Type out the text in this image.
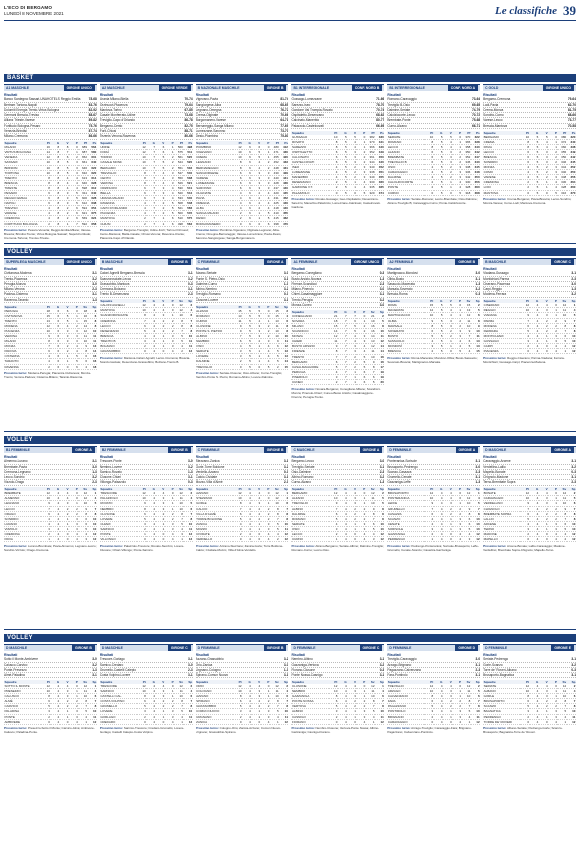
L'ECO DI BERGAMO
LUNEDÌ 8 NOVEMBRE 2021	Le classifiche 39
BASKET
A1 MASCHILE	GIRONE UNICO
Risultati
Banco Sardegna Sassari-UNAHOTELS Reggio Emilia	78-68
Bertram Tortona-Napoli	83-76
Dolomiti Energia Trento-Virtus Bologna	82-92
Germani Brescia-Treviso	88-67
Allianz Trieste-Varese	89-82
Fortitudo Bologna-Pesaro	75-76
Venezia-Brindisi	87-74
Milano-Cremona	86-66
Squadre	Pt	G	V	P	Pf	Ps
MILANO	16	8	8	0	689	564
VIRTUS BOLOGNA	14	8	7	1	687	580
VENEZIA	12	8	6	2	652	601
SASSARI	10	8	5	3	661	640
BRINDISI	10	8	5	3	646	622
TORTONA	10	8	5	3	632	620
TRENTO	8	8	4	4	613	614
BRESCIA	8	8	4	4	640	628
TRIESTE	8	8	4	4	598	612
PESARO	6	8	3	5	611	640
REGGIO EMILIA	6	8	3	5	600	628
NAPOLI	6	8	3	5	612	638
TREVISO	4	8	2	6	594	654
VARESE	4	8	2	6	621	675
CREMONA	4	8	2	6	569	624
FORTITUDO BOLOGNA	2	8	1	7	592	658
Prossimo turno: Pesaro-Venezia; Reggio Emilia-Milano; Varese-Brescia; Brindisi-Trento; Virtus Bologna-Sassari; Napoli-Fortitudo; Cremona-Tortona; Treviso-Trieste.
A2 MASCHILE	GIRONE VERDE
Risultati
Urania Milano-Biella	70-74
Orzinuovi-Piacenza	79-64
Mantova-Torino	67-85
Casale Monferrato-Udine	73-68
Treviglio-Capo d'Orlando	86-78
Bergamo-Cento	82-75
Forlì-Chiusi	88-71
Tezenis Verona-Ravenna	80-66
Squadre	Pt	G	V	P	Pf	Ps
UDINE	12	7	6	1	560	498
FORLÌ	12	7	6	1	575	511
TORINO	10	7	5	2	561	520
CASALE MONF.	10	7	5	2	544	520
BERGAMO	10	7	5	2	551	532
TREVIGLIO	8	7	4	3	547	540
CENTO	8	7	4	3	550	538
VERONA	8	7	4	3	529	521
ORZINUOVI	6	7	3	4	530	541
BIELLA	6	7	3	4	520	544
URANIA MILANO	6	7	3	4	533	540
RAVENNA	4	7	2	5	508	548
CAPO D'ORLANDO	4	7	2	5	521	566
PIACENZA	4	7	2	5	500	545
MANTOVA	2	7	1	6	510	575
CHIUSI	2	7	1	6	498	562
Prossimo turno: Bergamo-Treviglio; Udine-Forlì; Torino-Orzinuovi; Cento-Mantova; Biella-Casale; Chiusi-Verona; Ravenna-Urania; Piacenza-Capo d'Orlando.
B NAZIONALE MASCHILE	GIRONE B
Risultati
Vigevano-Pavia	81-74
Sangiorgese-Alba	68-65
Legnano-Omegna	76-72
Crema-Olginate	70-66
Borgomanero-Varese	64-71
Bernareggio-Sanga Milano	77-69
Lumezzane-Saronno	73-70
Desio-Piombino	75-80
Squadre	Pt	G	V	P	Pf	Ps
PIOMBINO	12	6	6	0	480	412
VIGEVANO	10	6	5	1	471	430
CREMA	10	6	5	1	455	420
LEGNANO	8	6	4	2	452	433
BERNAREGGIO	8	6	4	2	448	431
SANGIORGESE	6	6	3	3	430	429
VARESE	6	6	3	3	440	441
LUMEZZANE	6	6	3	3	428	436
SARONNO	6	6	3	3	437	440
OLGINATE	4	6	2	4	420	445
PAVIA	4	6	2	4	431	452
OMEGNA	4	6	2	4	425	446
ALBA	4	6	2	4	418	440
SANGA MILANO	2	6	1	5	410	455
DESIO	2	6	1	5	415	462
BORGOMANERO	0	6	0	6	398	470
Prossimo turno: Piombino-Vigevano; Olginate-Legnano; Alba-Crema; Omegna-Bernareggio; Varese-Lumezzane; Pavia-Desio; Saronno-Sangiorgese; Sanga-Borgomanero.
B1 INTERREGIONALE	CONF. NORD B
Risultati
Gussago-Lumezzane	71-66
Sarezzo-Iseo	78-70
Gardone Val Trompia-Rovato	70-74
Ospitaletto-Desenzano	68-62
Calcinato-Manerbio	80-77
Palazzolo-Castelcovati	66-69
Squadre	Pt	G	V	P	Pf	Ps
GUSSAGO	10	5	5	0	382	330
ROVATO	8	5	4	1	370	341
SAREZZO	8	5	4	1	366	340
OSPITALETTO	6	5	3	2	352	349
CALCINATO	6	5	3	2	361	350
CASTELCOVATI	6	5	3	2	344	340
ISEO	4	5	2	3	340	352
LUMEZZANE	4	5	2	3	338	351
MANERBIO	4	5	2	3	349	355
DESENZANO	2	5	1	4	330	360
GARDONE V.T.	2	5	1	4	335	365
PALAZZOLO	0	5	0	5	320	374
Prossimo turno: Rovato-Gussago; Iseo-Ospitaletto; Desenzano-Sarezzo; Manerbio-Palazzolo; Lumezzane-Calcinato; Castelcovati-Gardone.
B1 INTERREGIONALE	CONF. NORD A
Risultati
Romano-Caravaggio	73-64
Treviglio B-Osio	69-65
Dalmine-Seriate	74-79
Calolziocorte-Lecco	70-72
Brembate-Ponte	75-68
Curno-Alzano	66-71
Squadre	Pt	G	V	P	Pf	Ps
SERIATE	10	5	5	0	370	322
ROMANO	8	5	4	1	365	338
LECCO	8	5	4	1	358	340
ALZANO	6	5	3	2	350	342
BREMBATE	6	5	3	2	352	347
TREVIGLIO B	6	5	3	2	345	340
OSIO	4	5	2	3	338	345
CARAVAGGIO	4	5	2	3	336	348
DALMINE	4	5	2	3	342	350
CALOLZIOCORTE	2	5	1	4	330	356
PONTE	2	5	1	4	328	360
CURNO	0	5	0	5	318	368
Prossimo turno: Seriate-Romano; Lecco-Brembate; Osio-Dalmine; Alzano-Treviglio B; Caravaggio-Curno; Ponte-Calolziocorte.
C GOLD	GIRONE UNICO
Risultati
Bergamo-Cremona	79-64
Lodi-Pavia	62-70
Crema-Monza	81-75
Sondrio-Como	68-66
Varese-Lecco	73-77
Brescia-Mantova	70-58
Squadre	Pt	G	V	P	Pf	Ps
BERGAMO	10	5	5	0	380	320
CREMA	8	5	4	1	372	340
PAVIA	8	5	4	1	360	338
LECCO	6	5	3	2	355	349
BRESCIA	6	5	3	2	350	342
SONDRIO	6	5	3	2	346	345
MONZA	4	5	2	3	344	352
COMO	4	5	2	3	340	350
VARESE	4	5	2	3	348	356
CREMONA	2	5	1	4	330	364
LODI	2	5	1	4	328	360
MANTOVA	0	5	0	5	316	370
Prossimo turno: Crema-Bergamo; Pavia-Brescia; Lecco-Sondrio; Monza-Varese; Como-Lodi; Mantova-Cremona.
VOLLEY
SUPERLEGA MASCHILE	GIRONE UNICO
Risultati
Civitanova-Modena	3-1
Trento-Piacenza	3-2
Perugia-Monza	3-0
Milano-Verona	2-3
Padova-Cisterna	3-1
Ravenna-Taranto	1-3
Squadre	Pt	G	V	P	Sv	Sp
PERUGIA	18	6	6	0	18	3
CIVITANOVA	15	6	5	1	16	6
TRENTO	13	6	5	1	15	8
MODENA	12	6	4	2	14	8
PIACENZA	10	6	3	3	12	10
VERONA	9	6	3	3	11	11
MILANO	8	6	3	3	10	11
MONZA	7	6	2	4	9	13
PADOVA	6	6	2	4	8	14
CISTERNA	4	6	1	5	6	16
TARANTO	4	6	1	5	6	16
RAVENNA	2	6	0	6	4	18
Prossimo turno: Modena-Perugia; Piacenza-Civitanova; Monza-Trento; Verona-Padova; Cisterna-Milano; Taranto-Ravenna.
B MASCHILE	GIRONE B
Risultati
Caloni Agnelli Bergamo-Brescia	3-1
Scanzorosciate-Lecco	3-2
Grassobbio-Mantova	0-3
Cremona-Bolzano	3-1
Trento B-Desenzano	2-3
Squadre	Pt	G	V	P	Sv	Sp
CALONI AGNELLI	12	4	4	0	12	2
MANTOVA	10	4	4	0	12	4
SCANZOROSCIATE	8	4	3	1	10	6
CREMONA	7	4	2	2	8	7
LECCO	6	4	2	2	8	8
DESENZANO	5	4	2	2	7	8
BRESCIA	4	4	1	3	5	10
TRENTO B	3	4	1	3	5	11
BOLZANO	2	4	1	3	4	11
GRASSOBBIO	0	4	0	4	2	12
Prossimo turno: Mantova-Caloni Agnelli; Lecco-Cremona; Brescia-Scanzorosciate; Desenzano-Grassobbio; Bolzano-Trento B.
C FEMMINILE	GIRONE A
Risultati
Alzano-Seriate	3-0
Ponte S. Pietro-Osio	3-1
Dalmine-Curno	1-3
Albino-Nembro	3-2
Treviglio-Romano	0-3
Clusone-Lovere	3-1
Squadre	Pt	G	V	P	Sv	Sp
ALZANO	15	5	5	0	15	2
ROMANO	13	5	5	0	15	4
CURNO	11	5	4	1	13	6
CLUSONE	9	5	3	2	11	8
PONTE S. PIETRO	9	5	3	2	10	8
ALBINO	7	5	3	2	10	10
NEMBRO	6	5	2	3	9	11
OSIO	4	5	1	4	6	12
SERIATE	3	5	1	4	5	13
LOVERE	3	5	1	4	5	13
DALMINE	2	5	1	4	5	14
TREVIGLIO	0	5	0	5	2	15
Prossimo turno: Seriate-Clusone; Osio-Alzano; Curno-Treviglio; Nembro-Ponte S. Pietro; Romano-Albino; Lovere-Dalmine.
A1 FEMMINILE	GIRONE UNICO
Risultati
Bergamo-Conegliano	0-3
Busto Arsizio-Novara	1-3
Firenze-Scandicci	2-3
Milano-Pinerolo	3-0
Chieri-Casalmaggiore	3-1
Trento-Perugia	3-2
Monza-Cuneo	3-0
Squadre	Pt	G	V	P	Sv	Sp
CONEGLIANO	21	7	7	0	21	2
NOVARA	18	7	6	1	19	5
MILANO	15	7	5	2	16	8
SCANDICCI	14	7	5	2	16	10
MONZA	12	7	4	3	14	11
CHIERI	11	7	4	3	13	12
BUSTO ARSIZIO	9	7	3	4	12	14
FIRENZE	8	7	3	4	11	14
TRENTO	7	7	2	5	10	16
BERGAMO	6	7	2	5	9	16
CASALMAGGIORE	5	7	2	5	8	17
PERUGIA	4	7	1	6	7	19
PINEROLO	3	7	1	6	6	19
CUNEO	2	7	1	6	5	20
Prossimo turno: Novara-Bergamo; Conegliano-Milano; Scandicci-Monza; Pinerolo-Chieri; Cuneo-Busto Arsizio; Casalmaggiore-Firenze; Perugia-Trento.
A2 FEMMINILE	GIRONE B
Risultati
Martignacco-Mondovì	3-0
Olbia-Busto	3-1
Sassuolo-Macerata	1-3
Marsala-Soverato	3-2
Brescia-Roma	0-3
Squadre	Pt	G	V	P	Sv	Sp
ROMA	15	5	5	0	15	2
MACERATA	12	5	4	1	13	5
MARTIGNACCO	10	5	4	1	12	6
OLBIA	9	5	3	2	11	8
MARSALA	8	5	3	2	10	9
SOVERATO	6	5	2	3	9	10
BUSTO	5	5	2	3	7	11
SASSUOLO	4	5	1	4	6	13
MONDOVÌ	3	5	1	4	5	13
BRESCIA	2	5	0	5	4	15
Prossimo turno: Roma-Macerata; Mondovì-Olbia; Busto-Sassuolo; Soverato-Brescia; Martignacco-Marsala.
B MASCHILE	GIRONE C
Risultati
Viadana-Gussago	3-1
Montichiari-Parma	2-3
Ciserano-Piacenza	3-0
Carpi-Reggio	1-3
Modena-Ferrara	3-2
Squadre	Pt	G	V	P	Sv	Sp
CISERANO	12	4	4	0	12	1
REGGIO	10	4	3	1	11	4
VIADANA	9	4	3	1	10	5
PARMA	7	4	2	2	9	7
MODENA	6	4	2	2	8	8
FERRARA	5	4	2	2	7	8
MONTICHIARI	4	4	1	3	6	10
GUSSAGO	3	4	1	3	5	10
CARPI	2	4	0	4	4	12
PIACENZA	0	4	0	4	1	12
Prossimo turno: Reggio-Ciserano; Parma-Viadana; Ferrara-Montichiari; Gussago-Carpi; Piacenza-Modena.
VOLLEY
B1 FEMMINILE	GIRONE A
Risultati
Almenno-Lurano	3-1
Brembate-Pavia	3-0
Cremona-Legnano	1-3
Lecco-Sondrio	3-2
Vizzolo-Orago	2-3
Squadre	Pt	G	V	P	Sv	Sp
BREMBATE	12	4	4	0	12	1
ALMENNO	10	4	4	0	12	4
LEGNANO	9	4	3	1	10	5
LECCO	7	4	2	2	9	7
ORAGO	6	4	2	2	8	8
SONDRIO	4	4	1	3	6	10
LURANO	4	4	1	3	6	10
VIZZOLO	3	4	1	3	5	10
CREMONA	2	4	0	4	4	12
PAVIA	1	4	0	4	3	12
Prossimo turno: Lurano-Brembate; Pavia-Almenno; Legnano-Lecco; Sondrio-Vizzolo; Orago-Cremona.
B2 FEMMINILE	GIRONE B
Risultati
Trescore-Ponte	3-0
Nembro-Lovere	3-2
Sarnico-Rovato	1-3
Clusone-Chiari	3-1
Villongo-Palazzolo	0-3
Squadre	Pt	G	V	P	Sv	Sp
TRESCORE	12	4	4	0	12	2
PALAZZOLO	10	4	3	1	11	4
ROVATO	9	4	3	1	10	5
NEMBRO	8	4	3	1	10	6
CLUSONE	6	4	2	2	8	7
LOVERE	5	4	2	2	7	8
CHIARI	3	4	1	3	5	10
SARNICO	2	4	1	3	4	11
PONTE	1	4	0	4	3	12
VILLONGO	0	4	0	4	1	12
Prossimo turno: Palazzolo-Trescore; Rovato-Nembro; Lovere-Clusone; Chiari-Villongo; Ponte-Sarnico.
C FEMMINILE	GIRONE B
Risultati
Stezzano-Zanica	3-1
Gorle-Torre Boldone	3-2
Verdello-Azzano	0-3
Calcio-Cividate	3-1
Mozzo-Villa d'Almè	2-3
Squadre	Pt	G	V	P	Sv	Sp
AZZANO	12	4	4	0	12	1
STEZZANO	10	4	4	0	12	4
GORLE	8	4	3	1	10	6
CALCIO	7	4	2	2	8	7
VILLA D'ALMÈ	6	4	2	2	8	8
TORRE BOLDONE	5	4	2	2	7	8
ZANICA	4	4	1	3	5	10
MOZZO	3	4	1	3	5	11
CIVIDATE	2	4	0	4	4	12
VERDELLO	0	4	0	4	2	12
Prossimo turno: Azzano-Stezzano; Zanica-Gorle; Torre Boldone-Calcio; Cividate-Mozzo; Villa d'Almè-Verdello.
C MASCHILE	GIRONE A
Risultati
Bergamo-Lecco	3-0
Treviglio-Seriate	3-1
Osio-Dalmine	2-3
Albino-Romano	3-2
Curno-Alzano	1-3
Squadre	Pt	G	V	P	Sv	Sp
BERGAMO	12	4	4	0	12	2
ALZANO	10	4	3	1	11	5
TREVIGLIO	9	4	3	1	10	5
ALBINO	7	4	2	2	9	8
DALMINE	6	4	2	2	8	8
ROMANO	5	4	2	2	7	8
SERIATE	4	4	1	3	6	10
OSIO	3	4	1	3	5	10
LECCO	2	4	0	4	4	12
CURNO	1	4	0	4	3	12
Prossimo turno: Alzano-Bergamo; Seriate-Albino; Dalmine-Treviglio; Romano-Curno; Lecco-Osio.
D FEMMINILE	GIRONE A
Risultati
Ponteranica-Sorisole	3-1
Brusaporto-Pedrengo	3-0
Scanzo-Casazza	2-3
Grumello-Cenate	3-1
Gazzaniga-Leffe	1-3
Squadre	Pt	G	V	P	Sv	Sp
BRUSAPORTO	12	4	4	0	12	1
PONTERANICA	10	4	4	0	12	4
LEFFE	9	4	3	1	10	5
GRUMELLO	7	4	2	2	9	7
CASAZZA	6	4	2	2	8	8
SCANZO	4	4	1	3	6	10
CENATE	4	4	1	3	6	10
SORISOLE	3	4	1	3	5	10
GAZZANIGA	2	4	0	4	4	12
PEDRENGO	1	4	0	4	3	12
Prossimo turno: Pedrengo-Ponteranica; Sorisole-Brusaporto; Leffe-Grumello; Cenate-Scanzo; Casazza-Gazzaniga.
D MASCHILE	GIRONE A
Risultati
Caravaggio-Arcene	3-1
Verdellino-Lallio	3-2
Mapello-Bonate	0-3
Chignolo-Madone	3-1
Terno-Brembate Sopra	2-3
Squadre	Pt	G	V	P	Sv	Sp
BONATE	12	4	4	0	12	2
CARAVAGGIO	10	4	3	1	11	5
VERDELLINO	9	4	3	1	10	6
CHIGNOLO	7	4	2	2	9	7
BREMBATE SOPRA	6	4	2	2	8	8
LALLIO	5	4	2	2	7	8
ARCENE	4	4	1	3	6	10
TERNO	3	4	1	3	5	10
MADONE	2	4	0	4	4	12
MAPELLO	0	4	0	4	2	12
Prossimo turno: Arcene-Bonate; Lallio-Caravaggio; Madone-Verdellino; Brembate Sopra-Chignolo; Mapello-Terno.
VOLLEY
D MASCHILE	GIRONE B
Risultati
Sotto il Monte-Ambivere	3-0
Calusco-Carvico	3-2
Ponte-Presezzo	1-3
Almè-Paladina	3-1
Squadre	Pt	G	V	P	Sv	Sp
SOTTO IL MONTE	12	4	4	0	12	1
PRESEZZO	10	4	3	1	11	4
CALUSCO	8	4	3	1	10	6
ALMÈ	6	4	2	2	8	7
CARVICO	5	4	2	2	7	8
PALADINA	3	4	1	3	5	10
PONTE	2	4	1	3	4	11
AMBIVERE	0	4	0	4	1	12
Prossimo turno: Presezzo-Sotto il Monte; Carvico-Almè; Ambivere-Calusco; Paladina-Ponte.
D MASCHILE	GIRONE C
Risultati
Trescore-Gorlago	3-1
Sarnico-Credaro	3-0
Grumello-Castelli Calepio	2-3
Costa Volpino-Lovere	3-1
Squadre	Pt	G	V	P	Sv	Sp
TRESCORE	12	4	4	0	12	2
SARNICO	10	4	3	1	11	4
CASTELLI CAL.	8	4	3	1	10	6
COSTA VOLPINO	6	4	2	2	8	7
GRUMELLO	5	4	2	2	7	8
LOVERE	3	4	1	3	5	10
GORLAGO	2	4	1	3	4	11
CREDARO	0	4	0	4	1	12
Prossimo turno: Sarnico-Trescore; Credaro-Grumello; Lovere-Gorlago; Castelli Calepio-Costa Volpino.
D FEMMINILE	GIRONE B
Risultati
Azzano-Grassobbio	3-2
Orio-Zanica	3-0
Urgnano-Cologno	1-3
Spirano-Comun Nuovo	3-1
Squadre	Pt	G	V	P	Sv	Sp
ORIO	12	4	4	0	12	2
COLOGNO	10	4	3	1	11	4
AZZANO	8	4	3	1	10	6
SPIRANO	6	4	2	2	8	7
GRASSOBBIO	5	4	2	2	7	8
COMUN NUOVO	3	4	1	3	5	10
URGNANO	2	4	1	3	4	11
ZANICA	0	4	0	4	1	12
Prossimo turno: Cologno-Orio; Zanica-Azzano; Comun Nuovo-Urgnano; Grassobbio-Spirano.
D FEMMINILE	GIRONE C
Risultati
Nembro-Albino	3-1
Gazzaniga-Vertova	3-2
Fiorano-Clusone	0-3
Ponte Nossa-Casnigo	3-1
Squadre	Pt	G	V	P	Sv	Sp
CLUSONE	12	4	4	0	12	1
NEMBRO	10	4	3	1	11	4
GAZZANIGA	8	4	3	1	10	6
PONTE NOSSA	6	4	2	2	8	7
VERTOVA	5	4	2	2	7	8
ALBINO	3	4	1	3	5	10
CASNIGO	2	4	1	3	4	11
FIORANO	0	4	0	4	1	12
Prossimo turno: Nembro-Clusone; Vertova-Ponte Nossa; Albino-Gazzaniga; Casnigo-Fiorano.
D FEMMINILE	GIRONE D
Risultati
Treviglio-Caravaggio	3-0
Arzago-Brignano	3-1
Pagazzano-Calvenzano	2-3
Fara-Pontirolo	3-1
Squadre	Pt	G	V	P	Sv	Sp
TREVIGLIO	12	4	4	0	12	2
ARZAGO	10	4	3	1	11	5
CALVENZANO	8	4	3	1	10	6
FARA	6	4	2	2	8	7
PAGAZZANO	5	4	2	2	7	8
PONTIROLO	3	4	1	3	5	10
BRIGNANO	2	4	1	3	4	11
CARAVAGGIO	0	4	0	4	1	12
Prossimo turno: Arzago-Treviglio; Caravaggio-Fara; Brignano-Pagazzano; Calvenzano-Pontirolo.
D FEMMINILE	GIRONE E
Risultati
Seriate-Pedrengo	3-1
Gorle-Scanzo	3-2
Torre de' Roveri-Albano	0-3
Brusaporto-Bagnatica	3-1
Squadre	Pt	G	V	P	Sv	Sp
SERIATE	12	4	4	0	12	2
ALBANO	10	4	3	1	11	4
GORLE	8	4	3	1	10	6
BRUSAPORTO	6	4	2	2	8	7
SCANZO	5	4	2	2	7	8
BAGNATICA	3	4	1	3	5	10
PEDRENGO	2	4	1	3	4	11
TORRE DE' ROVERI	0	4	0	4	1	12
Prossimo turno: Albano-Seriate; Pedrengo-Gorle; Scanzo-Brusaporto; Bagnatica-Torre de' Roveri.
